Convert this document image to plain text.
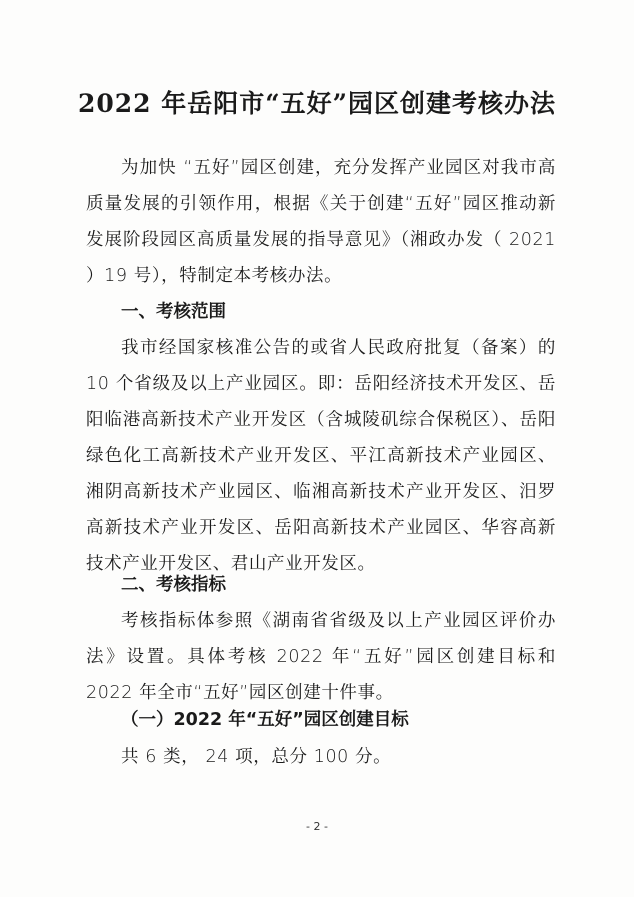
2022 年岳阳市“五好”园区创建考核办法
为加快 “五好”园区创建，充分发挥产业园区对我市高质量发展的引领作用，根据《关于创建“五好”园区推动新发展阶段园区高质量发展的指导意见》（湘政办发（ 2021 ）19 号），特制定本考核办法。
一、考核范围
我市经国家核准公告的或省人民政府批复（备案）的 10 个省级及以上产业园区。即：岳阳经济技术开发区、岳阳临港高新技术产业开发区（含城陵矶综合保税区）、岳阳绿色化工高新技术产业开发区、平江高新技术产业园区、湘阴高新技术产业园区、临湘高新技术产业开发区、汨罗高新技术产业开发区、岳阳高新技术产业园区、华容高新技术产业开发区、君山产业开发区。
二、考核指标
考核指标体参照《湖南省省级及以上产业园区评价办法》设置。具体考核 2022 年“五好”园区创建目标和 2022 年全市“五好”园区创建十件事。
（一）2022 年“五好”园区创建目标
共 6 类， 24 项，总分 100 分。
- 2 -
